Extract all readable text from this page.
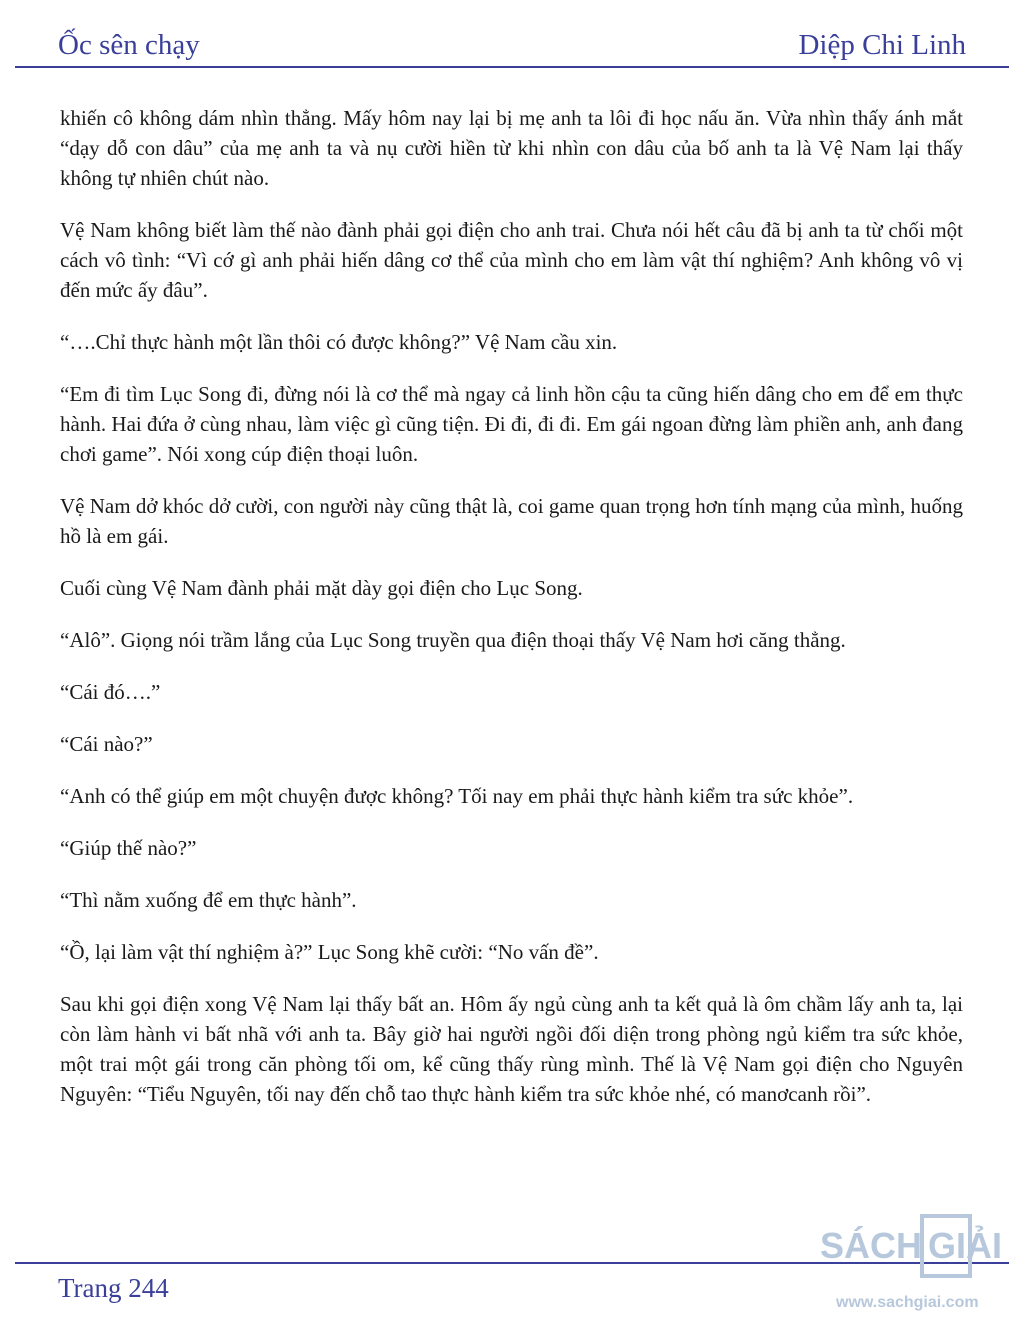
Ốc sên chạy	Diệp Chi Linh

khiến cô không dám nhìn thẳng. Mấy hôm nay lại bị mẹ anh ta lôi đi học nấu ăn. Vừa nhìn thấy ánh mắt “dạy dỗ con dâu” của mẹ anh ta và nụ cười hiền từ khi nhìn con dâu của bố anh ta là Vệ Nam lại thấy không tự nhiên chút nào.

Vệ Nam không biết làm thế nào đành phải gọi điện cho anh trai. Chưa nói hết câu đã bị anh ta từ chối một cách vô tình: “Vì cớ gì anh phải hiến dâng cơ thể của mình cho em làm vật thí nghiệm? Anh không vô vị đến mức ấy đâu”.

“….Chỉ thực hành một lần thôi có được không?” Vệ Nam cầu xin.

“Em đi tìm Lục Song đi, đừng nói là cơ thể mà ngay cả linh hồn cậu ta cũng hiến dâng cho em để em thực hành. Hai đứa ở cùng nhau, làm việc gì cũng tiện. Đi đi, đi đi. Em gái ngoan đừng làm phiền anh, anh đang chơi game”. Nói xong cúp điện thoại luôn.

Vệ Nam dở khóc dở cười, con người này cũng thật là, coi game quan trọng hơn tính mạng của mình, huống hồ là em gái.

Cuối cùng Vệ Nam đành phải mặt dày gọi điện cho Lục Song.

“Alô”. Giọng nói trầm lắng của Lục Song truyền qua điện thoại thấy Vệ Nam hơi căng thẳng.

“Cái đó….”

“Cái nào?”

“Anh có thể giúp em một chuyện được không? Tối nay em phải thực hành kiểm tra sức khỏe”.

“Giúp thế nào?”

“Thì nằm xuống để em thực hành”.

“Ồ, lại làm vật thí nghiệm à?” Lục Song khẽ cười: “No vấn đề”.

Sau khi gọi điện xong Vệ Nam lại thấy bất an. Hôm ấy ngủ cùng anh ta kết quả là ôm chầm lấy anh ta, lại còn làm hành vi bất nhã với anh ta. Bây giờ hai người ngồi đối diện trong phòng ngủ kiểm tra sức khỏe, một trai một gái trong căn phòng tối om, kể cũng thấy rùng mình. Thế là Vệ Nam gọi điện cho Nguyên Nguyên: “Tiểu Nguyên, tối nay đến chỗ tao thực hành kiểm tra sức khỏe nhé, có manơcanh rồi”.

Trang 244
SÁCH GIẢI
www.sachgiai.com
